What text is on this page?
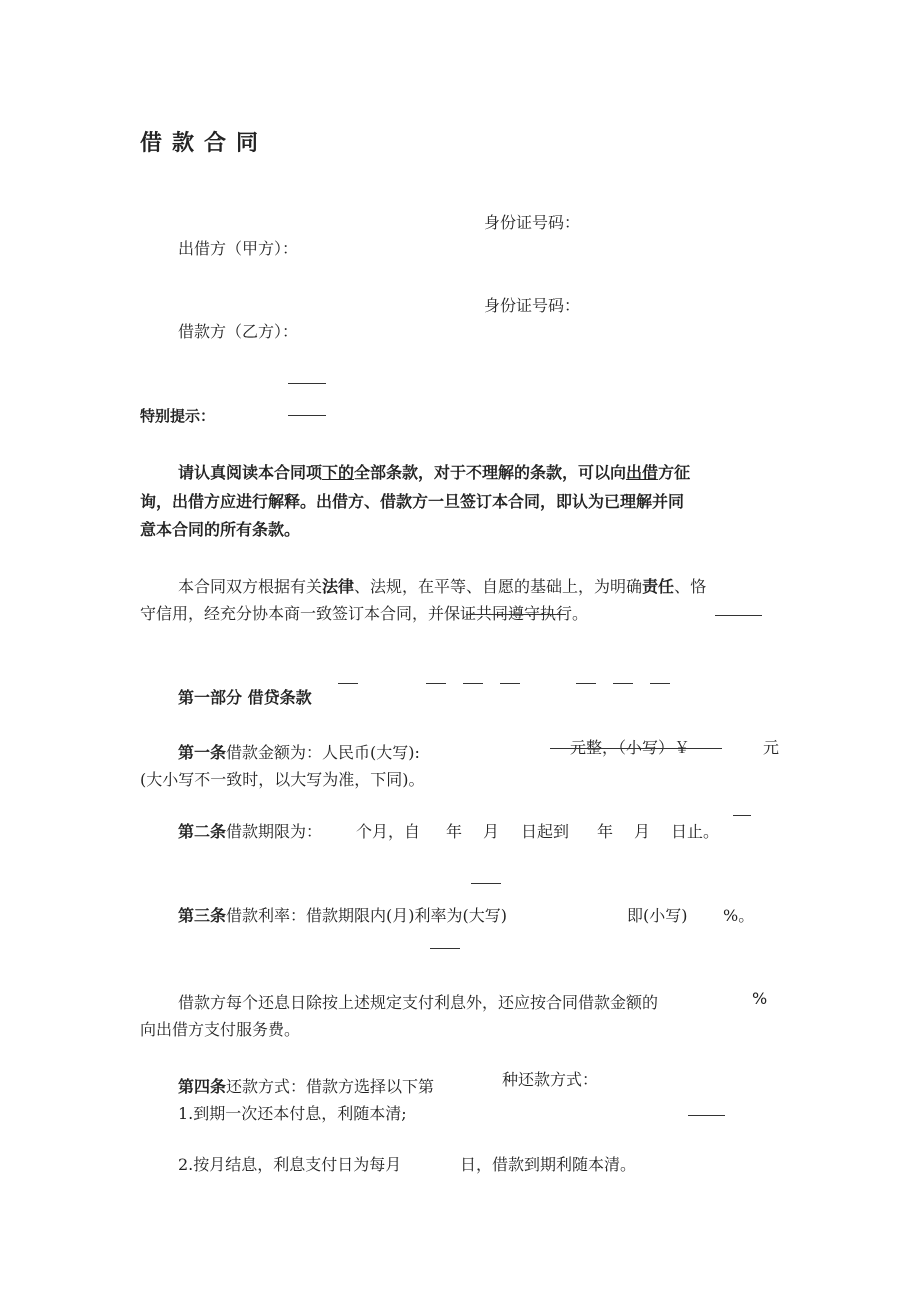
借款合同
身份证号码：
出借方（甲方）：
身份证号码：
借款方（乙方）：
特别提示：
请认真阅读本合同项下的全部条款，对于不理解的条款，可以向出借方征
询，出借方应进行解释。出借方、借款方一旦签订本合同，即认为已理解并同
意本合同的所有条款。
本合同双方根据有关法律、法规，在平等、自愿的基础上，为明确责任、恪
守信用，经充分协本商一致签订本合同，并保证共同遵守执行。
第一部分 借贷条款
第一条借款金额为：人民币(大写):	元整，（小写）￥	元
(大小写不一致时，以大写为准，下同)。
第二条借款期限为： 个月，自 年 月 日起到 年 月 日止。
第三条借款利率：借款期限内(月)利率为(大写)	即(小写) %。
借款方每个还息日除按上述规定支付利息外，还应按合同借款金额的	%
向出借方支付服务费。
第四条还款方式：借款方选择以下第	种还款方式：
1.到期一次还本付息，利随本清;
2.按月结息，利息支付日为每月	日，借款到期利随本清。
